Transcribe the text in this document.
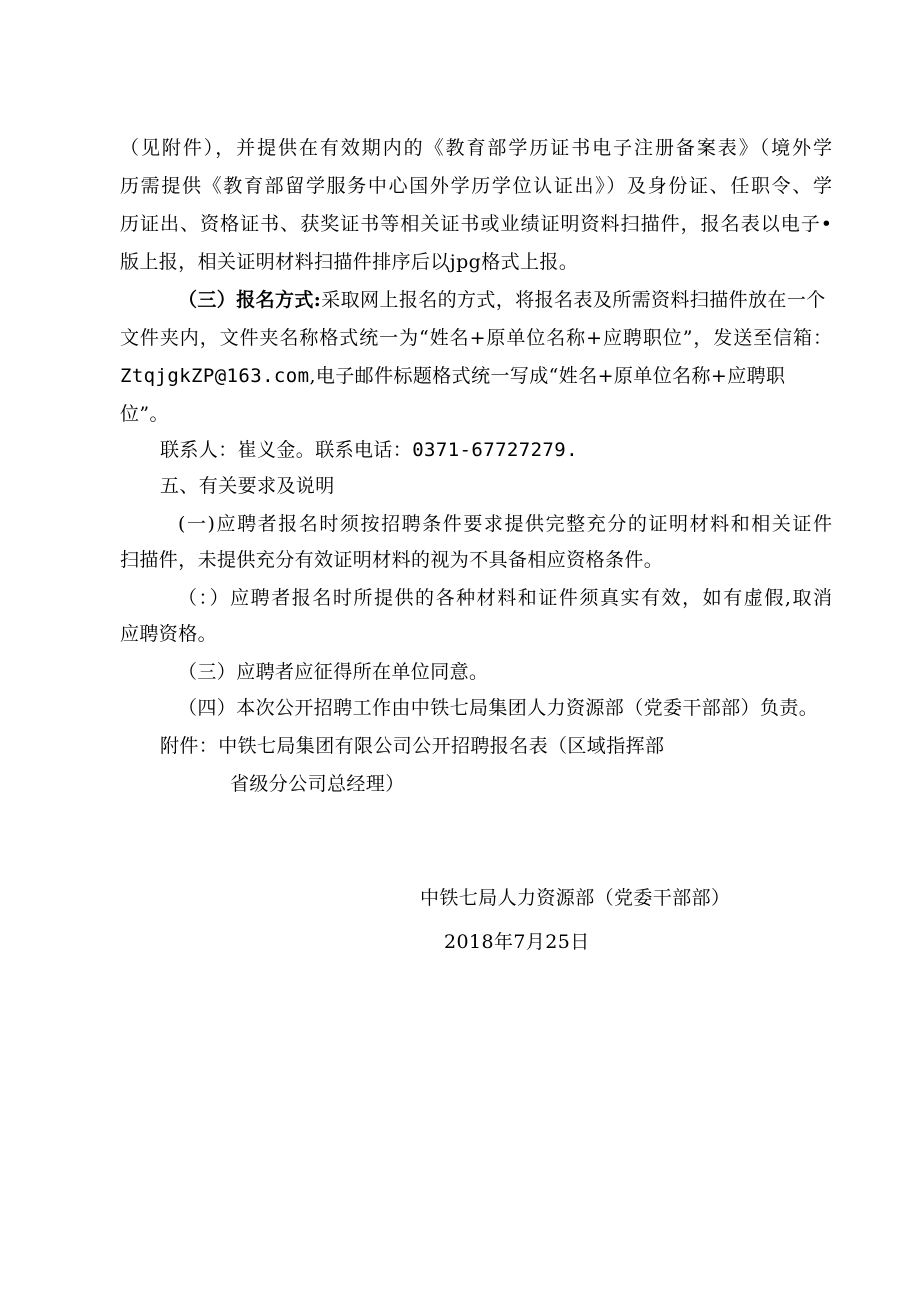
（见附件），并提供在有效期内的《教育部学历证书电子注册备案表》（境外学
历需提供《教育部留学服务中心国外学历学位认证出》）及身份证、任职令、学
历证出、资格证书、获奖证书等相关证书或业绩证明资料扫描件，报名表以电子•
版上报，相关证明材料扫描件排序后以jpg格式上报。
（三）报名方式:采取网上报名的方式，将报名表及所需资料扫描件放在一个
文件夹内，文件夹名称格式统一为“姓名+原单位名称+应聘职位”，发送至信箱：
ZtqjgkZP@163.com,电子邮件标题格式统一写成“姓名+原单位名称+应聘职
位”。
联系人：崔义金。联系电话：0371-67727279.
五、有关要求及说明
(一)应聘者报名时须按招聘条件要求提供完整充分的证明材料和相关证件
扫描件，未提供充分有效证明材料的视为不具备相应资格条件。
（：）应聘者报名时所提供的各种材料和证件须真实有效，如有虚假,取消
应聘资格。
（三）应聘者应征得所在单位同意。
（四）本次公开招聘工作由中铁七局集团人力资源部（党委干部部）负责。
附件：中铁七局集团有限公司公开招聘报名表（区域指挥部
省级分公司总经理）
中铁七局人力资源部（党委干部部）
2018年7月25日
